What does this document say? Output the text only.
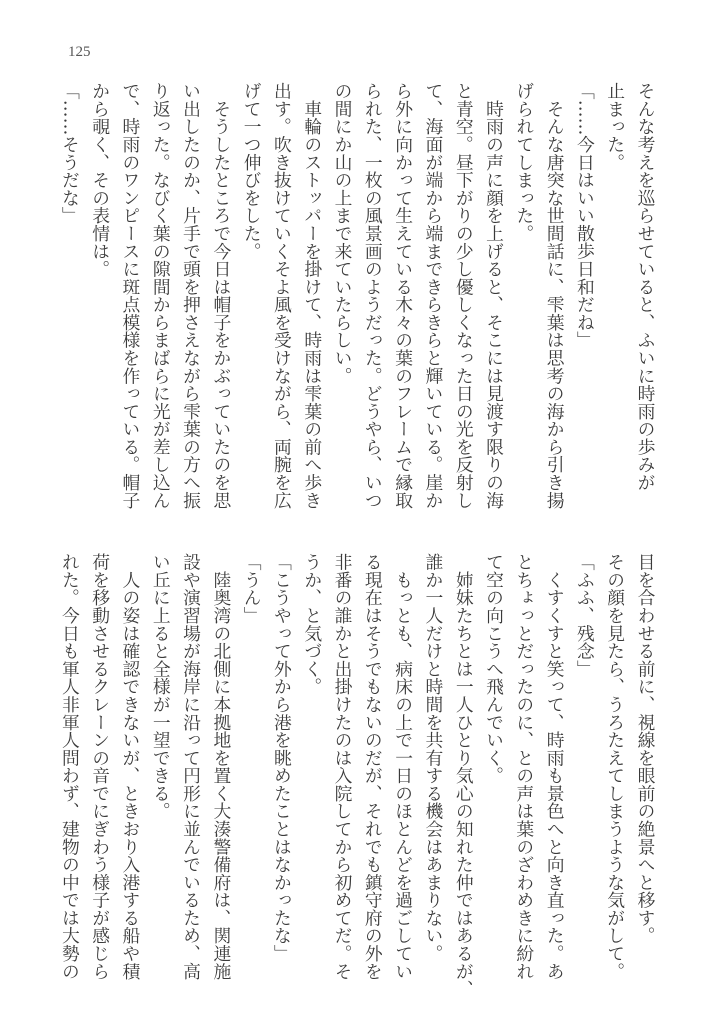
125
そんな考えを巡らせていると、ふいに時雨の歩みが
止まった。
「……今日はいい散歩日和だね」
　そんな唐突な世間話に、雫葉は思考の海から引き揚
げられてしまった。
　時雨の声に顔を上げると、そこには見渡す限りの海
と青空。昼下がりの少し優しくなった日の光を反射し
て、海面が端から端まできらきらと輝いている。崖か
ら外に向かって生えている木々の葉のフレームで縁取
られた、一枚の風景画のようだった。どうやら、いつ
の間にか山の上まで来ていたらしい。
　車輪のストッパーを掛けて、時雨は雫葉の前へ歩き
出す。吹き抜けていくそよ風を受けながら、両腕を広
げて一つ伸びをした。
　そうしたところで今日は帽子をかぶっていたのを思
い出したのか、片手で頭を押さえながら雫葉の方へ振
り返った。なびく葉の隙間からまばらに光が差し込ん
で、時雨のワンピースに斑点模様を作っている。帽子
から覗く、その表情は。
「……そうだな」
目を合わせる前に、視線を眼前の絶景へと移す。
その顔を見たら、うろたえてしまうような気がして。
「ふふ、残念」
　くすくすと笑って、時雨も景色へと向き直った。あ
とちょっとだったのに、との声は葉のざわめきに紛れ
て空の向こうへ飛んでいく。
　姉妹たちとは一人ひとり気心の知れた仲ではあるが、
誰か一人だけと時間を共有する機会はあまりない。
　もっとも、病床の上で一日のほとんどを過ごしてい
る現在はそうでもないのだが、それでも鎮守府の外を
非番の誰かと出掛けたのは入院してから初めてだ。そ
うか、と気づく。
「こうやって外から港を眺めたことはなかったな」
「うん」
　陸奥湾の北側に本拠地を置く大湊警備府は、関連施
設や演習場が海岸に沿って円形に並んでいるため、高
い丘に上ると全様が一望できる。
　人の姿は確認できないが、ときおり入港する船や積
荷を移動させるクレーンの音でにぎわう様子が感じら
れた。今日も軍人非軍人問わず、建物の中では大勢の
